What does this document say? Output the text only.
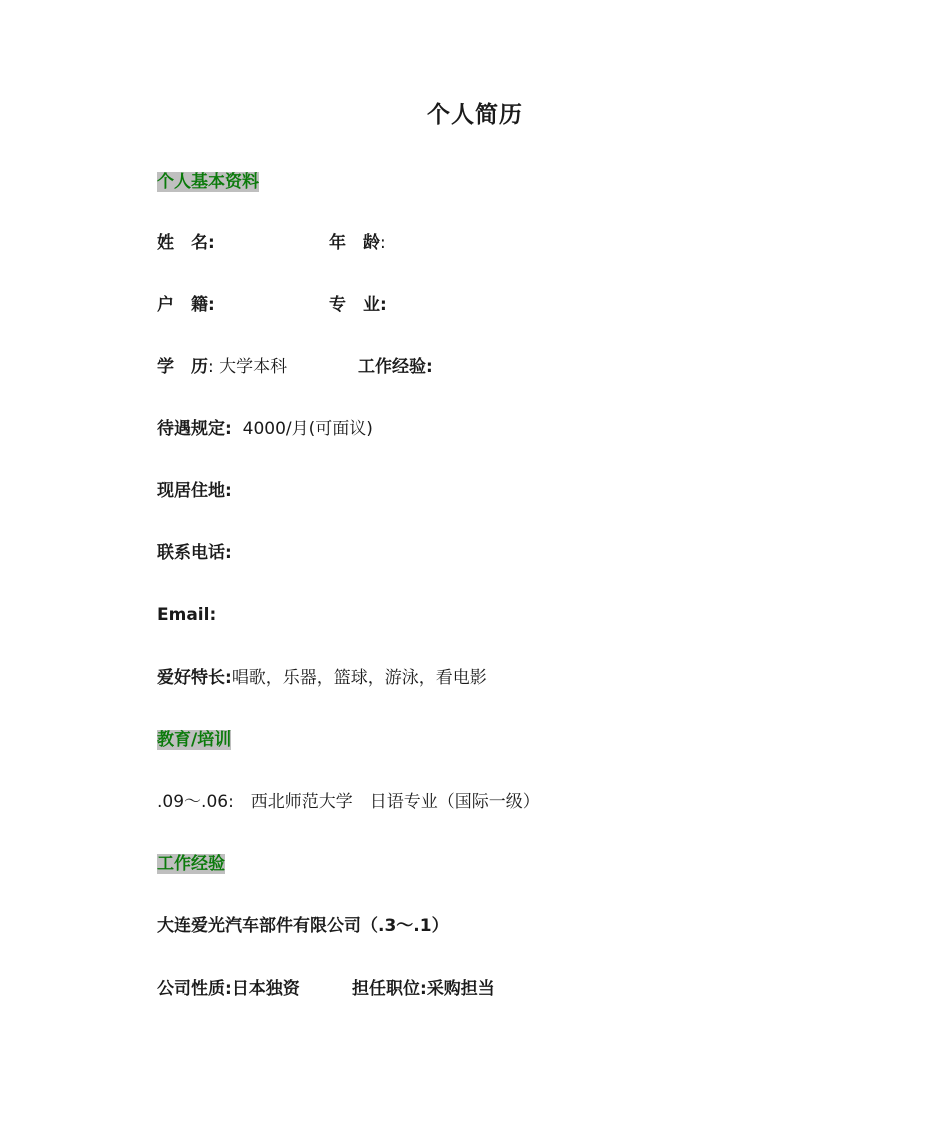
个人简历
个人基本资料
姓　名:	年　龄:
户　籍:	专　业:
学　历: 大学本科	工作经验:
待遇规定: 4000/月(可面议)
现居住地:
联系电话:
Email:
爱好特长:唱歌，乐器，篮球，游泳，看电影
教育/培训
.09～.06:　西北师范大学　日语专业（国际一级）
工作经验
大连爱光汽车部件有限公司（.3～.1）
公司性质:日本独资	担任职位:采购担当
